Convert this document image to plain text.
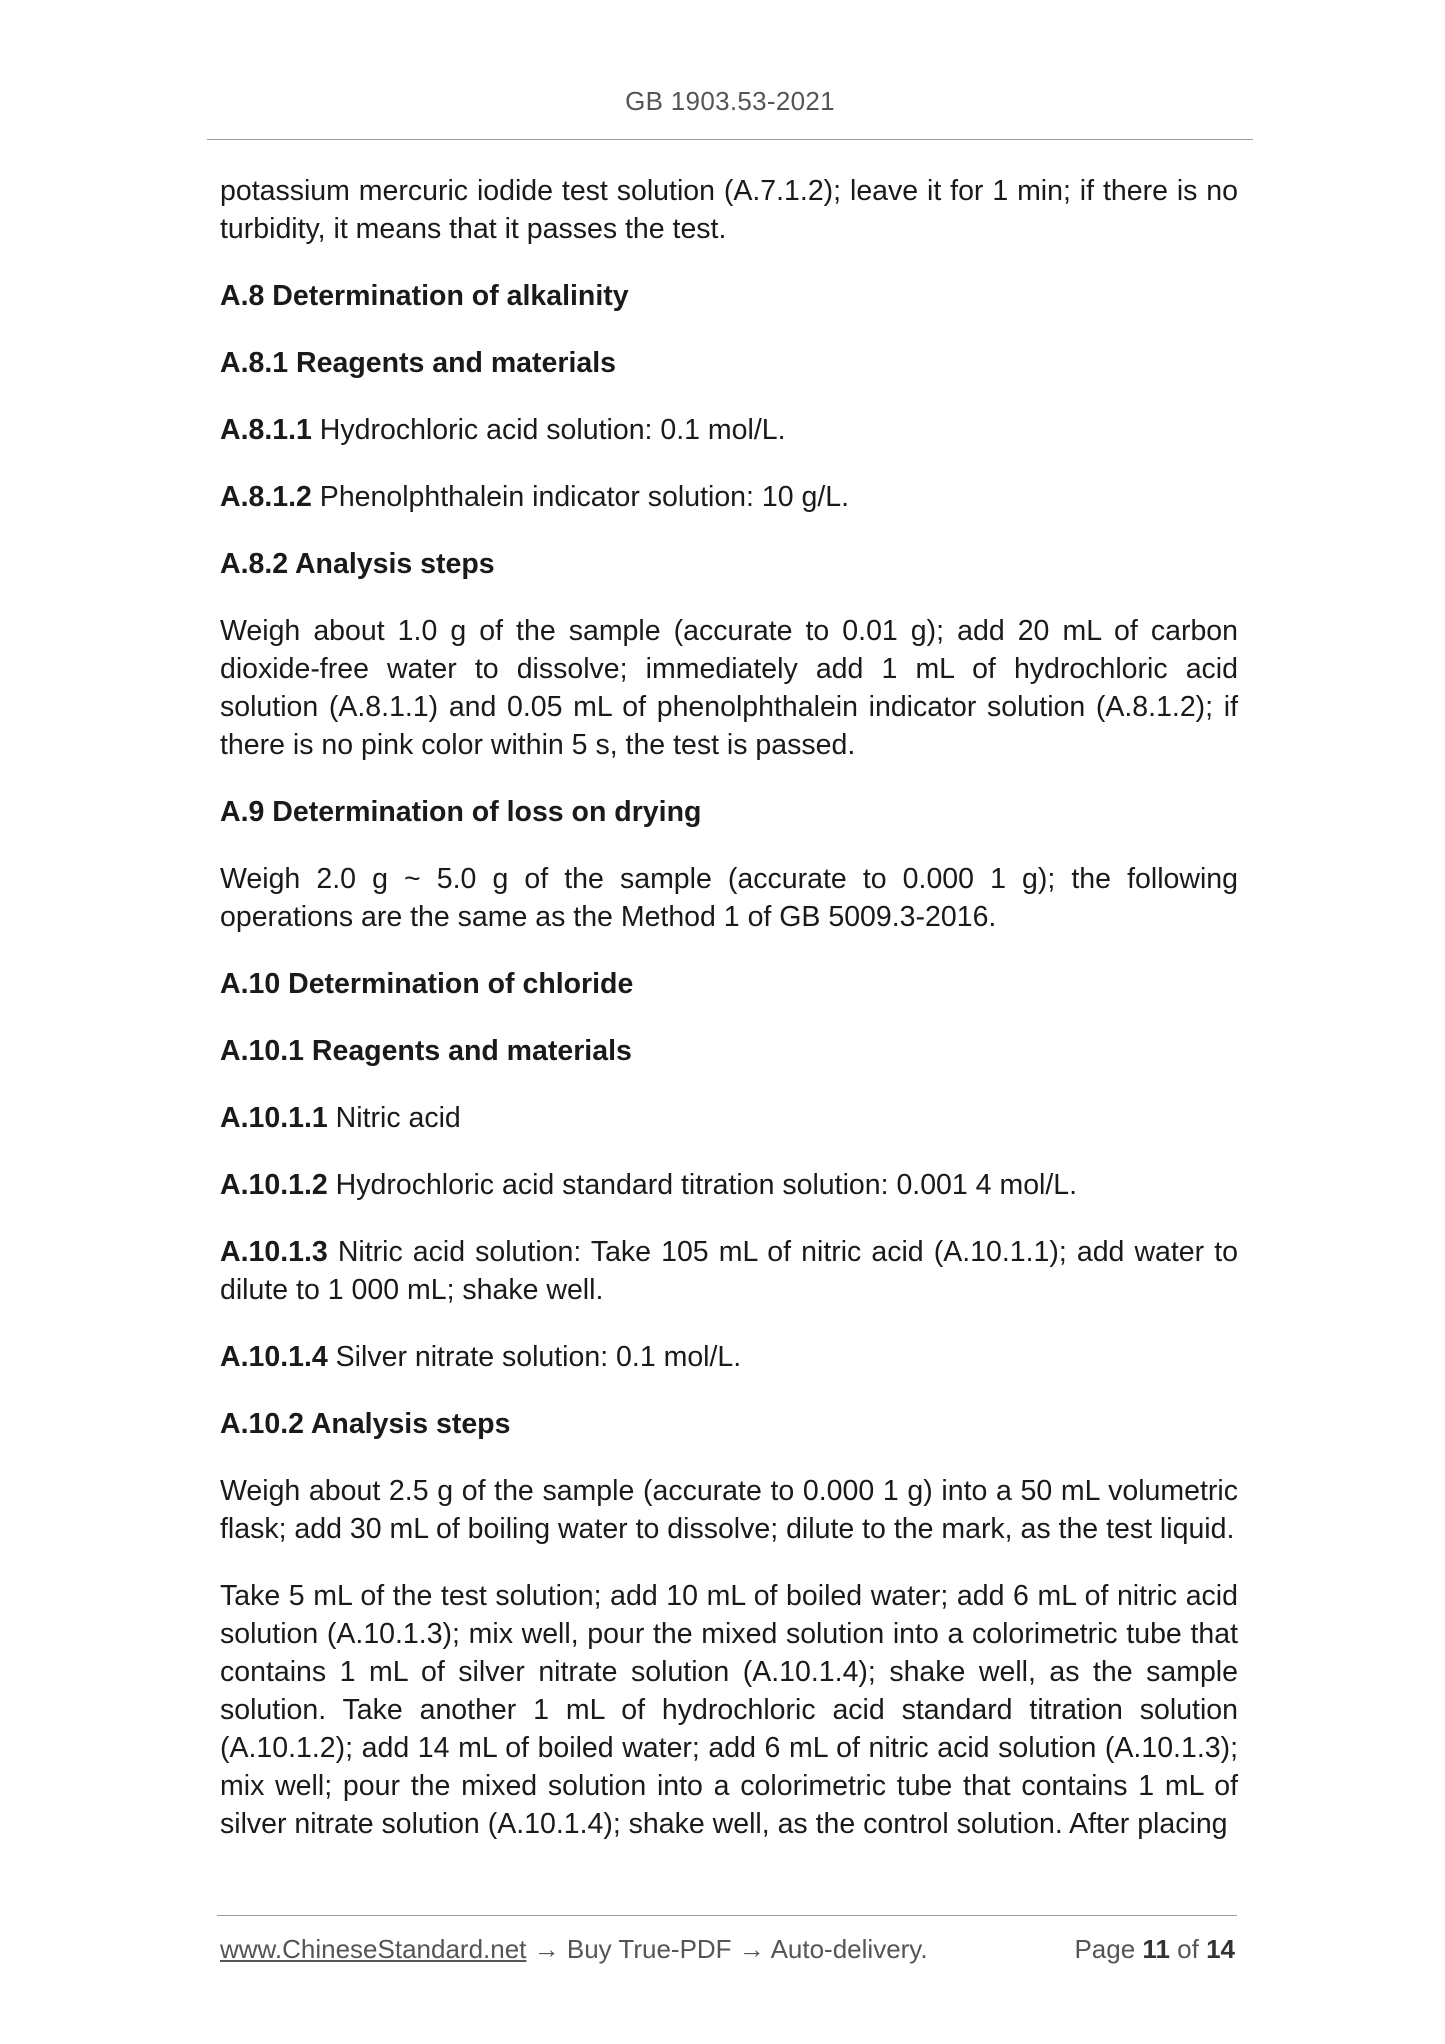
GB 1903.53-2021

potassium mercuric iodide test solution (A.7.1.2); leave it for 1 min; if there is no turbidity, it means that it passes the test.

A.8 Determination of alkalinity

A.8.1 Reagents and materials

A.8.1.1 Hydrochloric acid solution: 0.1 mol/L.

A.8.1.2 Phenolphthalein indicator solution: 10 g/L.

A.8.2 Analysis steps

Weigh about 1.0 g of the sample (accurate to 0.01 g); add 20 mL of carbon dioxide-free water to dissolve; immediately add 1 mL of hydrochloric acid solution (A.8.1.1) and 0.05 mL of phenolphthalein indicator solution (A.8.1.2); if there is no pink color within 5 s, the test is passed.

A.9 Determination of loss on drying

Weigh 2.0 g ~ 5.0 g of the sample (accurate to 0.000 1 g); the following operations are the same as the Method 1 of GB 5009.3-2016.

A.10 Determination of chloride

A.10.1 Reagents and materials

A.10.1.1 Nitric acid

A.10.1.2 Hydrochloric acid standard titration solution: 0.001 4 mol/L.

A.10.1.3 Nitric acid solution: Take 105 mL of nitric acid (A.10.1.1); add water to dilute to 1 000 mL; shake well.

A.10.1.4 Silver nitrate solution: 0.1 mol/L.

A.10.2 Analysis steps

Weigh about 2.5 g of the sample (accurate to 0.000 1 g) into a 50 mL volumetric flask; add 30 mL of boiling water to dissolve; dilute to the mark, as the test liquid.

Take 5 mL of the test solution; add 10 mL of boiled water; add 6 mL of nitric acid solution (A.10.1.3); mix well, pour the mixed solution into a colorimetric tube that contains 1 mL of silver nitrate solution (A.10.1.4); shake well, as the sample solution. Take another 1 mL of hydrochloric acid standard titration solution (A.10.1.2); add 14 mL of boiled water; add 6 mL of nitric acid solution (A.10.1.3); mix well; pour the mixed solution into a colorimetric tube that contains 1 mL of silver nitrate solution (A.10.1.4); shake well, as the control solution. After placing

www.ChineseStandard.net → Buy True-PDF → Auto-delivery.	Page 11 of 14
